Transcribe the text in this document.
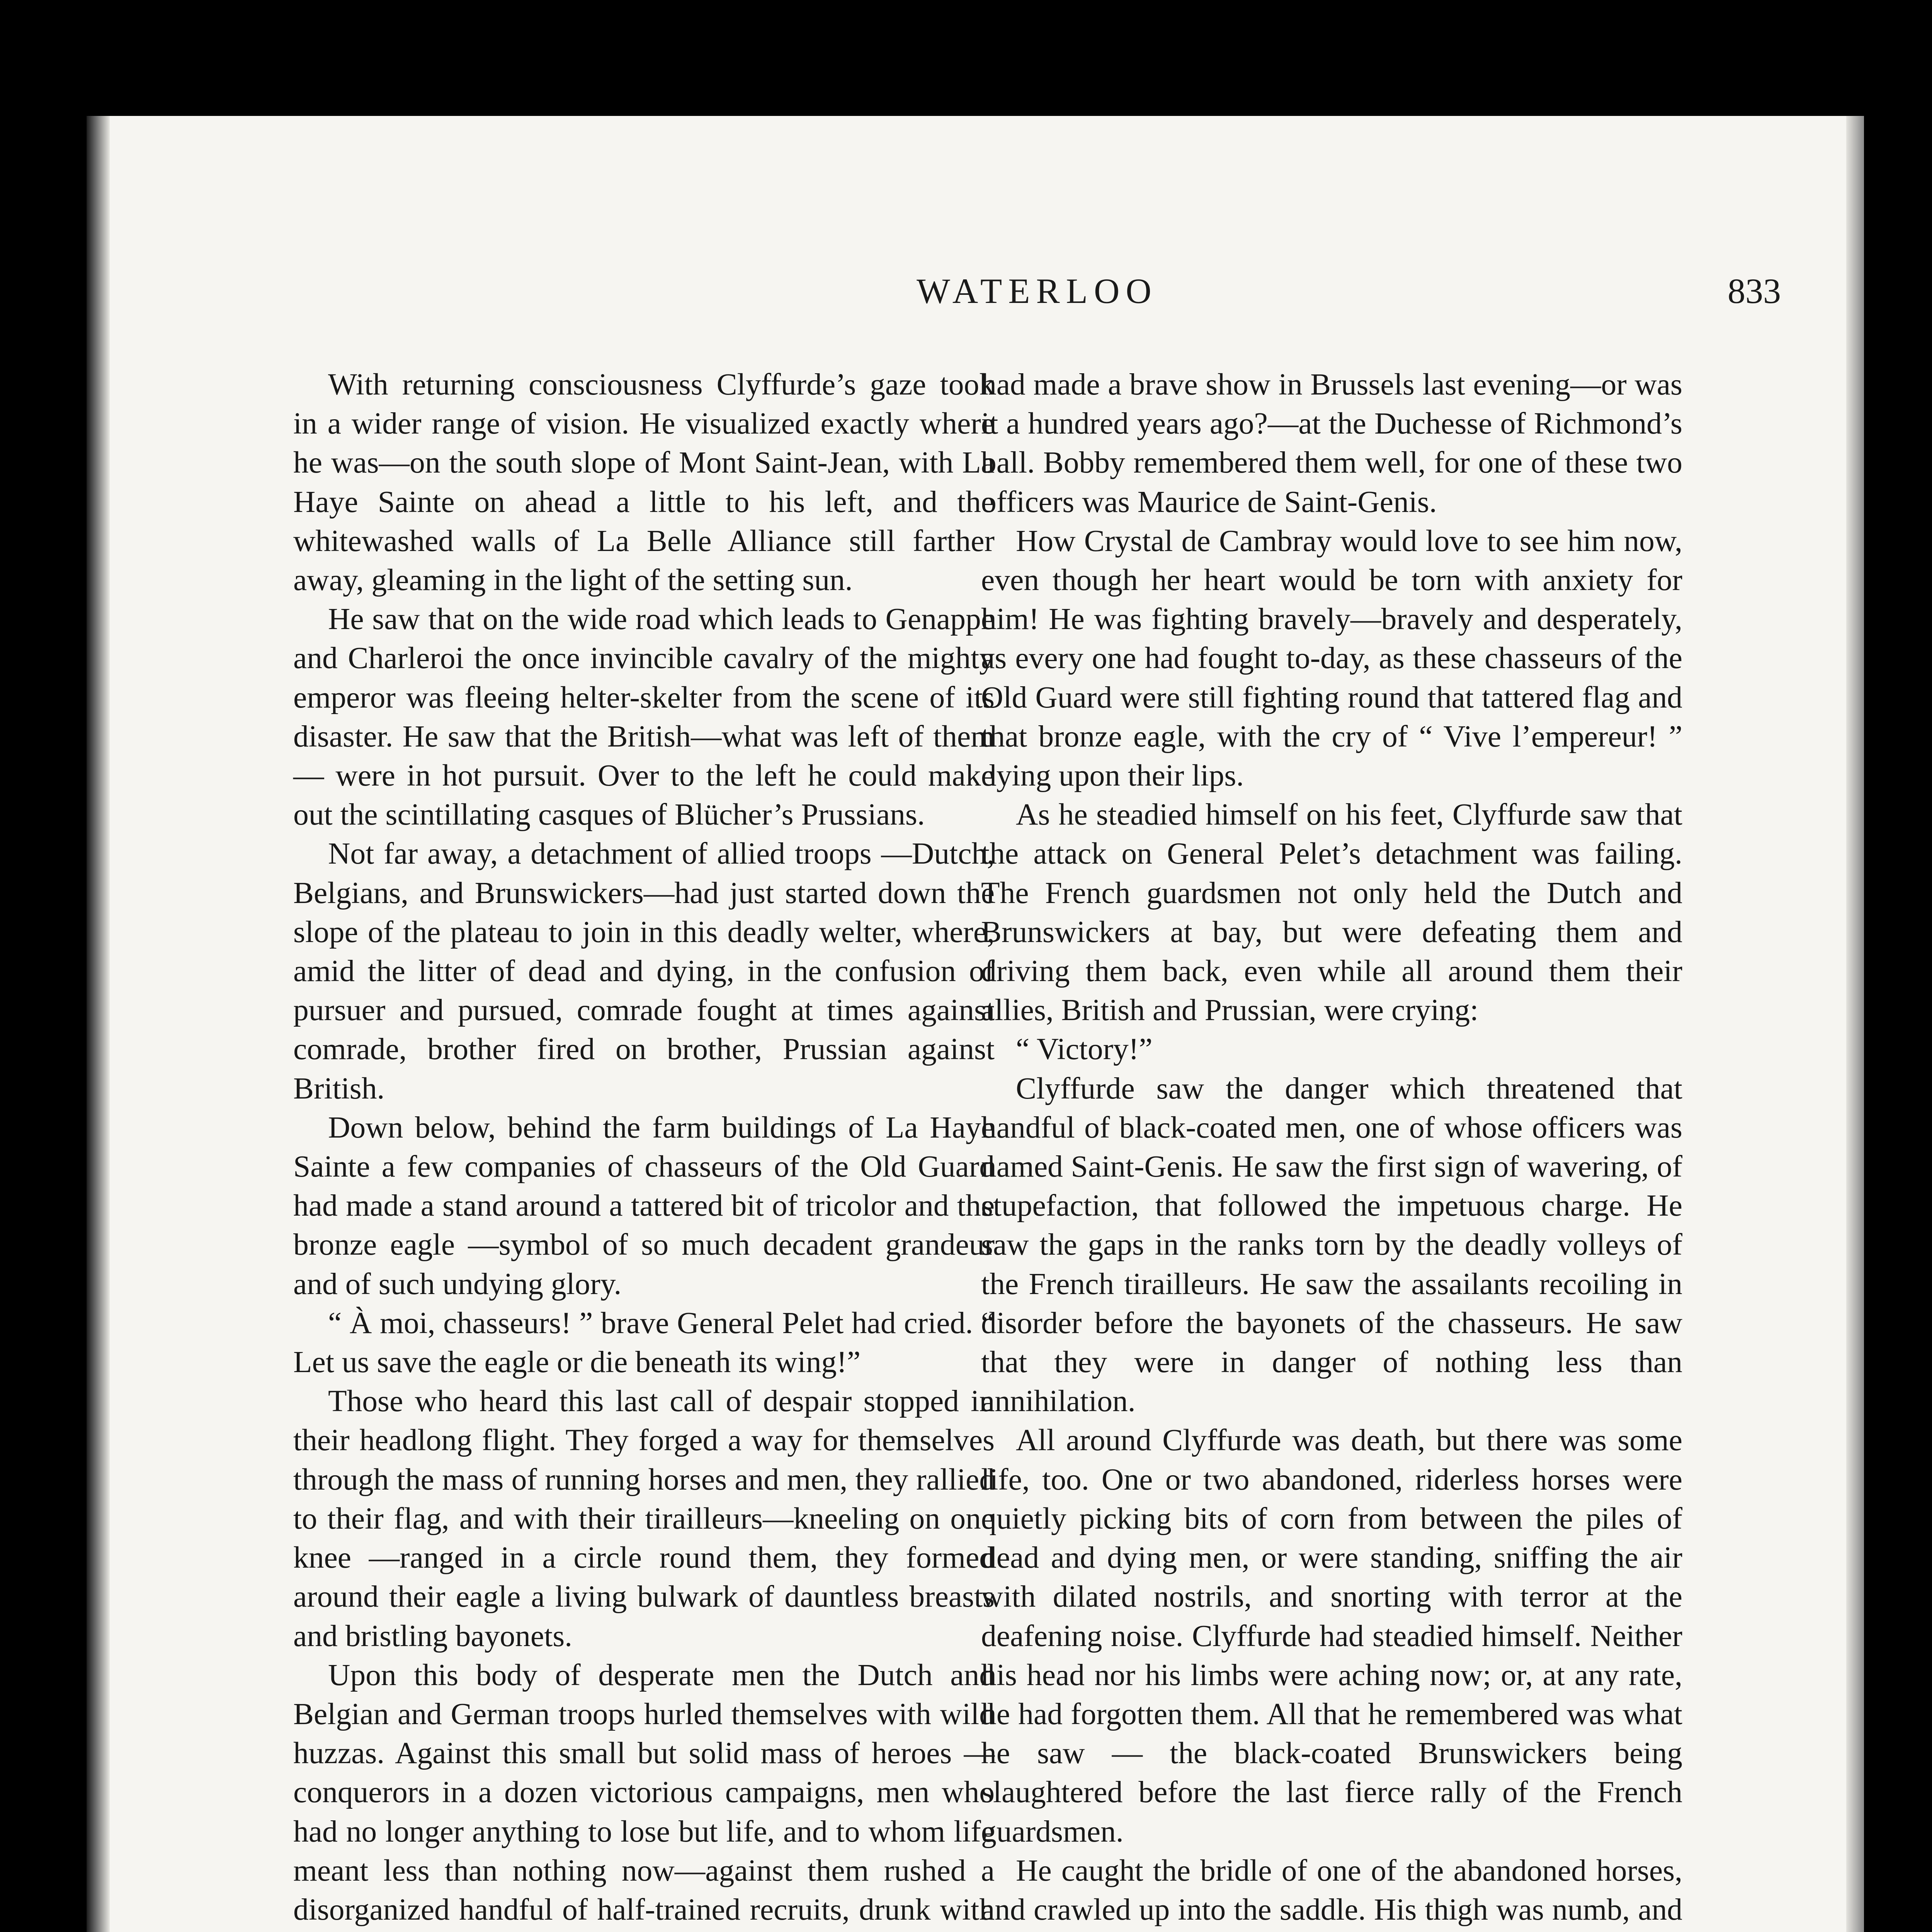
WATERLOO	833

With returning consciousness Clyffurde’s gaze took in a wider range of vision. He visualized exactly where he was—on the south slope of Mont Saint-Jean, with La Haye Sainte on ahead a little to his left, and the whitewashed walls of La Belle Alliance still farther away, gleaming in the light of the setting sun.

He saw that on the wide road which leads to Genappe and Charleroi the once invincible cavalry of the mighty emperor was fleeing helter-skelter from the scene of its disaster. He saw that the British—what was left of them — were in hot pursuit. Over to the left he could make out the scintillating casques of Blücher’s Prussians.

Not far away, a detachment of allied troops —Dutch, Belgians, and Brunswickers—had just started down the slope of the plateau to join in this deadly welter, where, amid the litter of dead and dying, in the confusion of pursuer and pursued, comrade fought at times against comrade, brother fired on brother, Prussian against British.

Down below, behind the farm buildings of La Haye Sainte a few companies of chasseurs of the Old Guard had made a stand around a tattered bit of tricolor and the bronze eagle —symbol of so much decadent grandeur and of such undying glory.

“ À moi, chasseurs! ” brave General Pelet had cried. “ Let us save the eagle or die beneath its wing!”

Those who heard this last call of despair stopped in their headlong flight. They forged a way for themselves through the mass of running horses and men, they rallied to their flag, and with their tirailleurs—kneeling on one knee —ranged in a circle round them, they formed around their eagle a living bulwark of dauntless breasts and bristling bayonets.

Upon this body of desperate men the Dutch and Belgian and German troops hurled themselves with wild huzzas. Against this small but solid mass of heroes — conquerors in a dozen victorious campaigns, men who had no longer anything to lose but life, and to whom life meant less than nothing now—against them rushed a disorganized handful of half-trained recruits, drunk with

had made a brave show in Brussels last evening—or was it a hundred years ago?—at the Duchesse of Richmond’s ball. Bobby remembered them well, for one of these two officers was Maurice de Saint-Genis.

How Crystal de Cambray would love to see him now, even though her heart would be torn with anxiety for him! He was fighting bravely—bravely and desperately, as every one had fought to-day, as these chasseurs of the Old Guard were still fighting round that tattered flag and that bronze eagle, with the cry of “ Vive l’empereur! ” dying upon their lips.

As he steadied himself on his feet, Clyffurde saw that the attack on General Pelet’s detachment was failing. The French guardsmen not only held the Dutch and Brunswickers at bay, but were defeating them and driving them back, even while all around them their allies, British and Prussian, were crying:

“ Victory!”

Clyffurde saw the danger which threatened that handful of black-coated men, one of whose officers was named Saint-Genis. He saw the first sign of wavering, of stupefaction, that followed the impetuous charge. He saw the gaps in the ranks torn by the deadly volleys of the French tirailleurs. He saw the assailants recoiling in disorder before the bayonets of the chasseurs. He saw that they were in danger of nothing less than annihilation.

All around Clyffurde was death, but there was some life, too. One or two abandoned, riderless horses were quietly picking bits of corn from between the piles of dead and dying men, or were standing, sniffing the air with dilated nostrils, and snorting with terror at the deafening noise. Clyffurde had steadied himself. Neither his head nor his limbs were aching now; or, at any rate, he had forgotten them. All that he remembered was what he saw — the black-coated Brunswickers being slaughtered before the last fierce rally of the French guardsmen.

He caught the bridle of one of the abandoned horses, and crawled up into the saddle. His thigh was numb, and
